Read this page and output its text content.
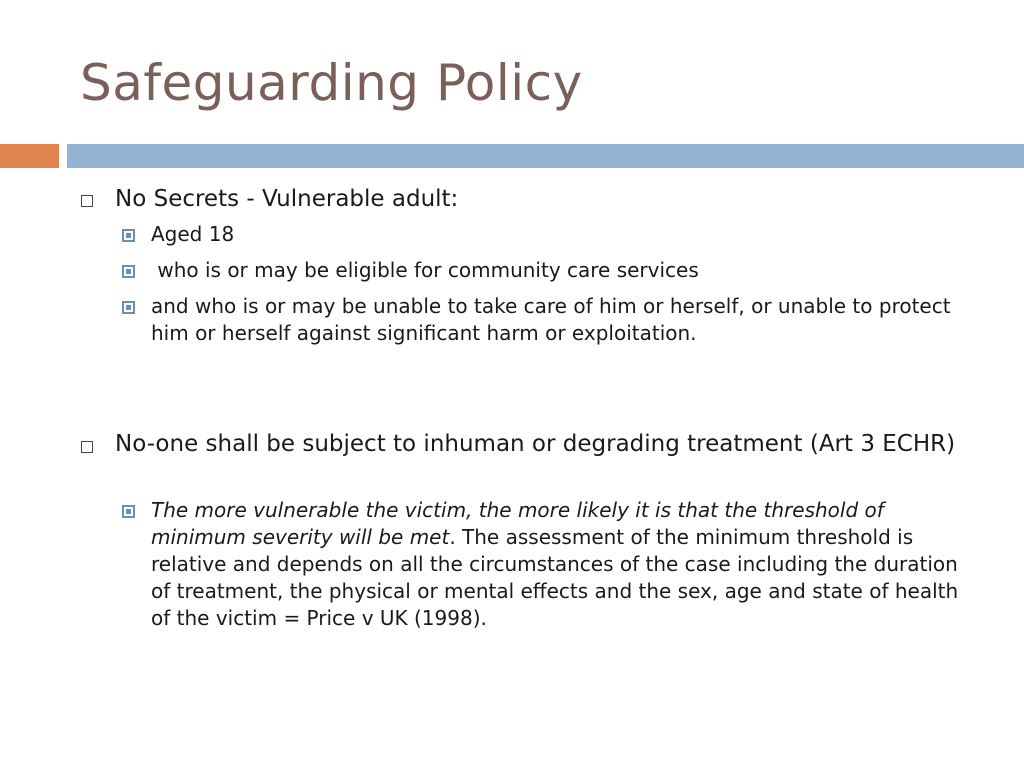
Safeguarding Policy
No Secrets - Vulnerable adult:
Aged 18
who is or may be eligible for community care services
and who is or may be unable to take care of him or herself, or unable to protect him or herself against significant harm or exploitation.
No-one shall be subject to inhuman or degrading treatment (Art 3 ECHR)
The more vulnerable the victim, the more likely it is that the threshold of minimum severity will be met. The assessment of the minimum threshold is relative and depends on all the circumstances of the case including the duration of treatment, the physical or mental effects and the sex, age and state of health of the victim = Price v UK (1998).
